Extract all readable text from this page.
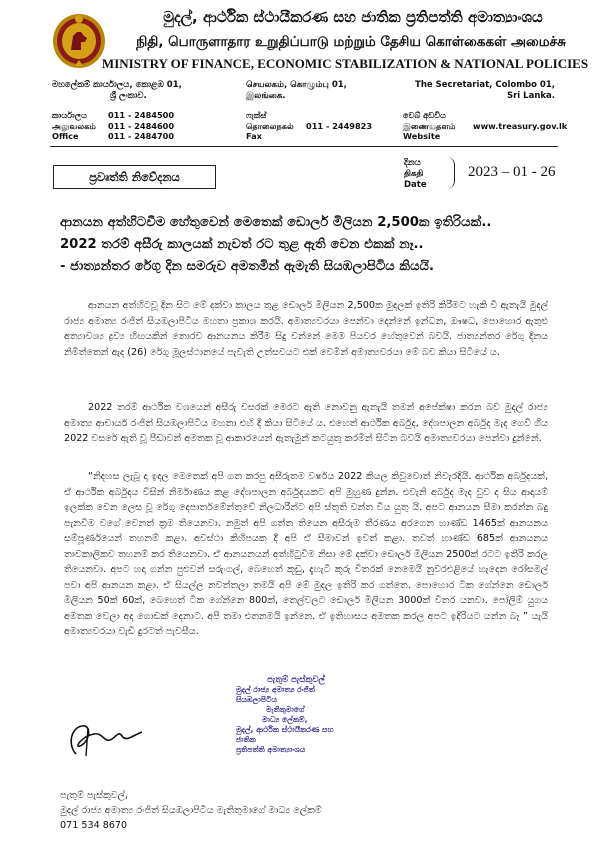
මුදල්, ආර්ථික ස්ථායීකරණ සහ ජාතික ප්‍රතිපත්ති අමාත්‍යාංශය
நிதி, பொருளாதார உறுதிப்பாடு மற்றும் தேசிய கொள்கைகள் அமைச்சு
MINISTRY OF FINANCE, ECONOMIC STABILIZATION & NATIONAL POLICIES
මහලේකම් කාර්යාලය, කොළඹ 01,
ශ්‍රී ලංකාව.
செயலகம், கொழும்பு 01,
இலங்கை.
The Secretariat, Colombo 01,
Sri Lanka.
කාර්යාලය
அலுவலகம்
Office
011 - 2484500
011 - 2484600
011 - 2484700
ෆැක්ස්
தொலைநகல்
Fax
011 - 2449823
වෙබ් අඩවිය
இணையதளம்
Website
www.treasury.gov.lk
ප්‍රවෘත්ති නිවේදනය
දිනය
திகதி
Date
2023 – 01 - 26
ආනයන අත්හිටවීම හේතුවෙන් මෙතෙක් ඩොලර් මිලියන 2,500ක ඉතිරියක්..
2022 තරම් අසීරු කාලයක් නැවත් රට තුළ ඇති වෙන එකක් නෑ..
- ජාත්‍යන්තර රේගු දින සමරුව අමතමින් ඇමැති සියඹලාපිටිය කියයි.
ආනයන අත්හිටවූ දින සිට මේ දක්වා කාලය තුළ ඩොලර් මිලියන 2,500ක මුදලක් ඉතිරි කිරීමට හැකි වී ඇතැයි මුදල් රාජ්‍ය අමාත්‍ය රංජිත් සියඹලාපිටිය මහතා ප්‍රකාශ කරයි. අමාත්‍යවරයා පෙන්වා දෙන්නේ ඉන්ධන, ඖෂධ, පොහොර ඇතුළු අත්‍යාවශ්‍ය ද්‍රව්‍ය හිඟයකින් තොරව ආනයනය කිරීම සිදු වන්නේ මෙම පියවර හේතුවෙන් බවයි. ජාත්‍යන්තර රේගු දිනය නිමිත්තෙන් ඇද (26) රේගු මූලස්ථානයේ පැවැති උත්සවයට එක් වෙමින් අමාත්‍යවරයා මේ බව කියා සිටියේ ය.
2022 තරම් ආර්ථික වශයෙන් අසීරු වසරක් මෙරට ඇති නොවනු ඇතැයි තමන් අපේක්ෂා කරන බව මුදල් රාජ්‍ය අමාත්‍ය ආචාර්ය රංජිත් සියඹලාපිටිය මහතා එහි දී කියා සිටියේ ය. එහෙත් ආර්ථික අර්බුද, දේශපාලන අර්බුද මැද ගෙවී ගිය 2022 වසරේ ඇති වූ පීඩාවන් අමතක වූ ආකාරයෙන් ඇතැමුන් කටයුතු කරමින් සිටින බවයි අමාත්‍යවරයා පෙන්වා දුන්නේ.
“නිදහස ලැබූ දා ඉදල මෙතෙක් අපි ගත කරපු අසීරුතම වර්ෂය 2022 කියල කිවුවොත් නිවැරදියි. ආර්ථික අර්බුදයක්, ඒ ආර්ථික අර්බුදය විසින් නිර්මාණය කළ දේශපාලන අර්බුදයකට අපි මුහුණ දුන්න. එවැනි අර්බුද මැද වුව ද සිය ආදායම් ඉලක්ක වෙන ලෙස වූ රේගු දෙපාර්තමේන්තුවේ නිලධාරීන්ට අපි ස්තූති වන්ත විය යුතු යි. අපට ආනයන සීමා කරන්න බදු පැනවීම වගේ වෙනත් ක්‍රම තියෙනවා. නමුත් අපි ගත්ත තියෙන අසීරුම තීරණය අරගෙන හාණ්ඩ 1465ක් ආනයනය සම්පූර්ණයෙන් තහනම් කළා. අවස්ථා කිහිපයක දී අපි ඒ සීමාවන් ඉවත් කළා. තවත් හාණ්ඩ 685ක් ආනයනය තාවකාලිකව තහනම් කර තියෙනවා. ඒ ආනයනයන් අත්හිටුවීම නිසා මේ දක්වා ඩොලර් මිලියන 2500ක් රටට ඉතිරි කරල තියෙනවා. අපට හදා ගන්න පුළුවන් සරුංගල්, බෙහෙත් කූඩු, දැහැටි කූරු විතරක් නෙමෙයි නුවරඑළියේ හැදෙන රෝසමල් පවා අපි ආනයන කළා. ඒ සියල්ල නවත්තලා තමයි අපි මේ මුදල ඉතිරි කර ගත්තෙ. පොහොර ටික ගේන්නෙ ඩොලර් මිලියන 50ක් 60ක්, බෙහෙත් ටික ගේන්නෙ 800ක්, තෙල්වලට ඩොලර් මිලියන 3000ක් විතර යනවා. පෝලිම් යුගය අමතක වෙලා අද ගොඩක් දෙනාට. අපි තමා එතනමයි ඉන්නෙ. ඒ ඉතිහාසය අමතක කරල අපට ඉදිරියට යන්න බෑ ” යැයි අමාත්‍යවරයා වැඩි දුරටත් පැවසීය.
පැතුම් පැස්කුවල්
මුදල් රාජ්‍ය අමාත්‍ය රංජිත් සියඹලාපිටිය
මැතිතුමාගේ
මාධ්‍ය ලේකම්,
මුදල්, ආර්ථික ස්ථායීකරණ සහ ජාතික
ප්‍රතිපත්ති අමාත්‍යාංශය
පැතුම් පැස්කුවල්,
මුදල් රාජ්‍ය අමාත්‍ය රංජිත් සියඹලාපිටිය මැතිතුමාගේ මාධ්‍ය ලේකම්
071 534 8670
